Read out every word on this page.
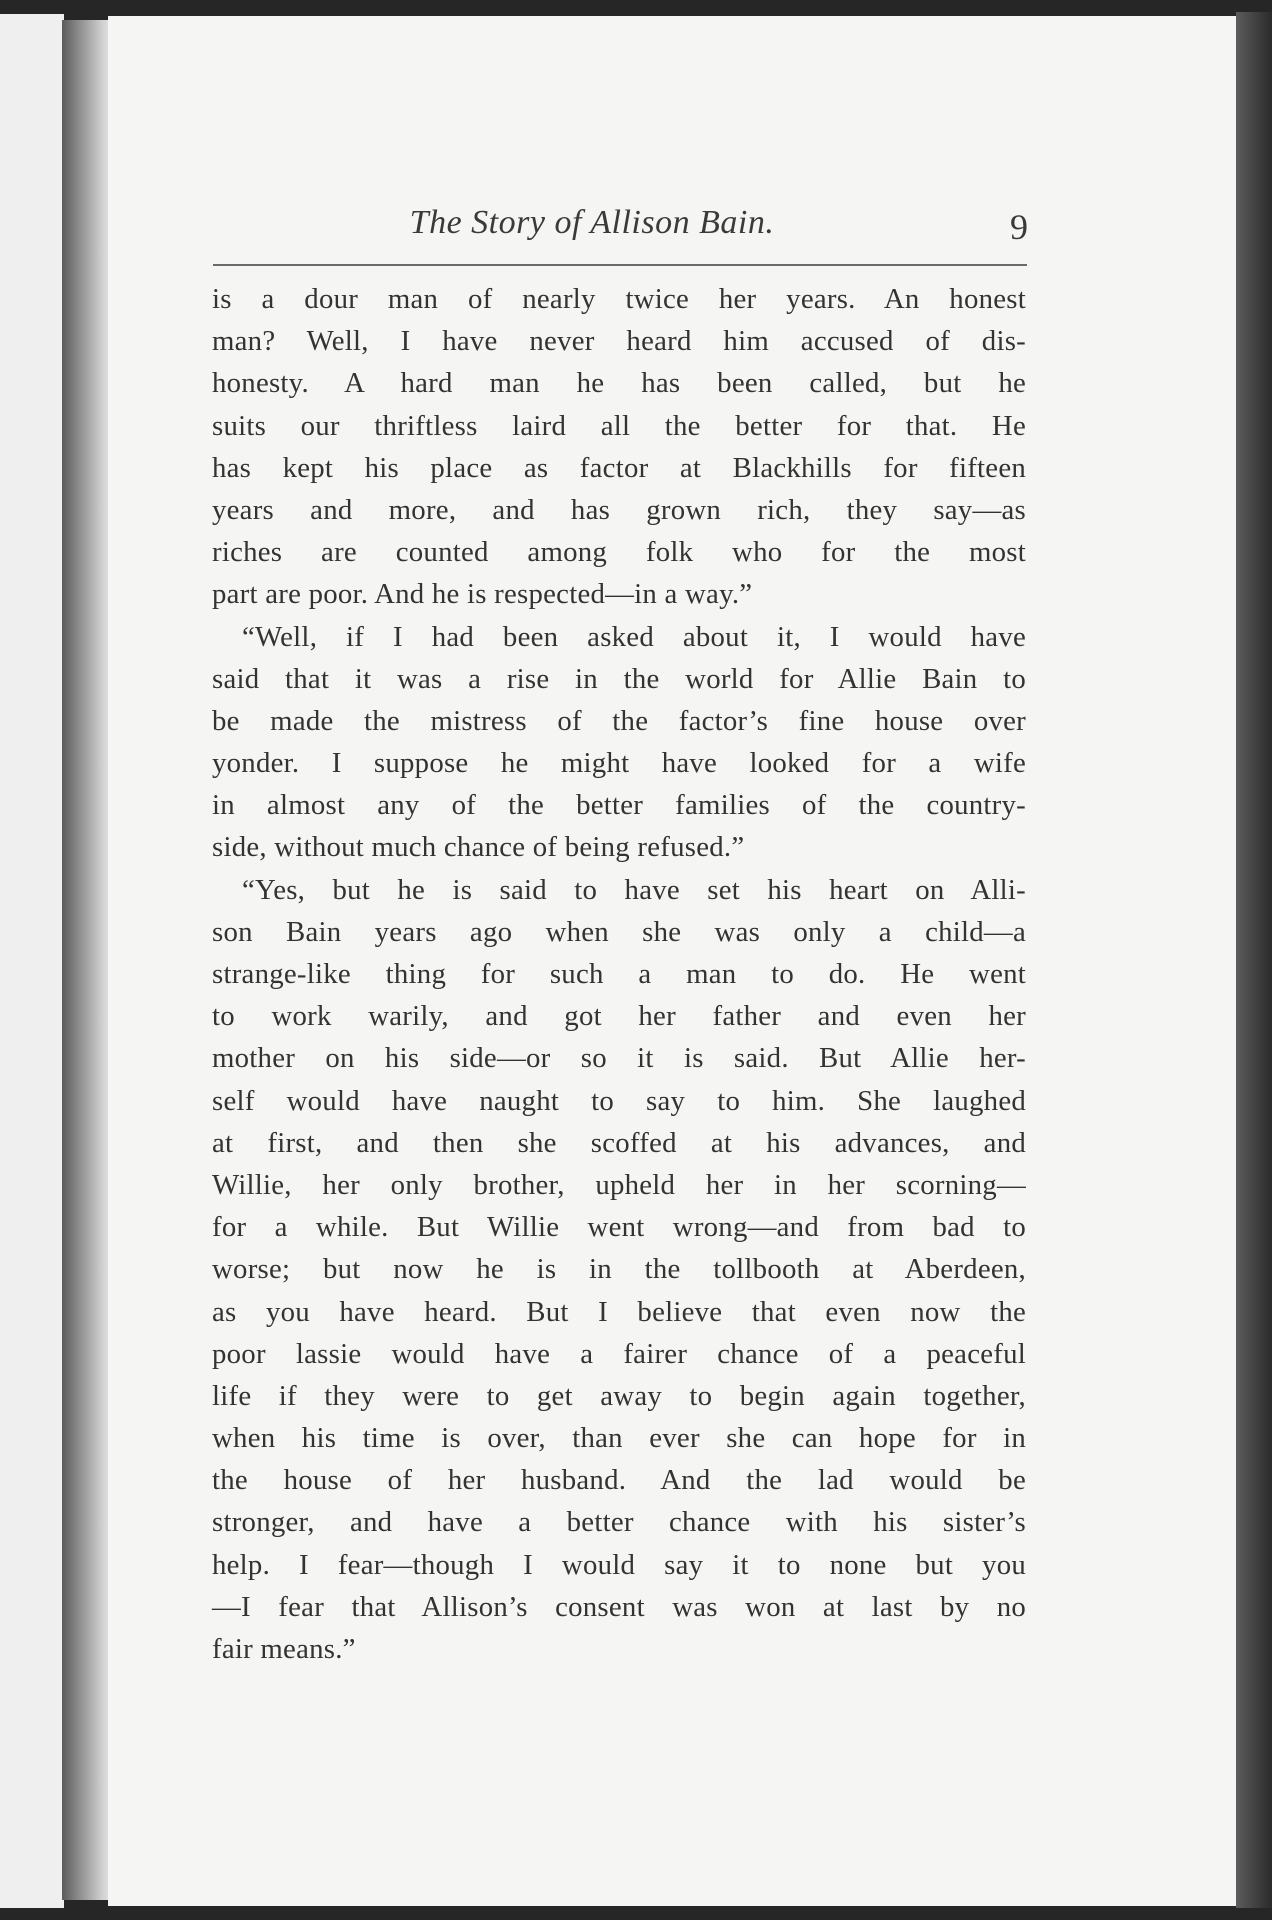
The Story of Allison Bain.	9
is a dour man of nearly twice her years. An honest
man? Well, I have never heard him accused of dis-
honesty. A hard man he has been called, but he
suits our thriftless laird all the better for that. He
has kept his place as factor at Blackhills for fifteen
years and more, and has grown rich, they say—as
riches are counted among folk who for the most
part are poor. And he is respected—in a way.”
“Well, if I had been asked about it, I would have
said that it was a rise in the world for Allie Bain to
be made the mistress of the factor’s fine house over
yonder. I suppose he might have looked for a wife
in almost any of the better families of the country-
side, without much chance of being refused.”
“Yes, but he is said to have set his heart on Alli-
son Bain years ago when she was only a child—a
strange-like thing for such a man to do. He went
to work warily, and got her father and even her
mother on his side—or so it is said. But Allie her-
self would have naught to say to him. She laughed
at first, and then she scoffed at his advances, and
Willie, her only brother, upheld her in her scorning—
for a while. But Willie went wrong—and from bad to
worse; but now he is in the tollbooth at Aberdeen,
as you have heard. But I believe that even now the
poor lassie would have a fairer chance of a peaceful
life if they were to get away to begin again together,
when his time is over, than ever she can hope for in
the house of her husband. And the lad would be
stronger, and have a better chance with his sister’s
help. I fear—though I would say it to none but you
—I fear that Allison’s consent was won at last by no
fair means.”
